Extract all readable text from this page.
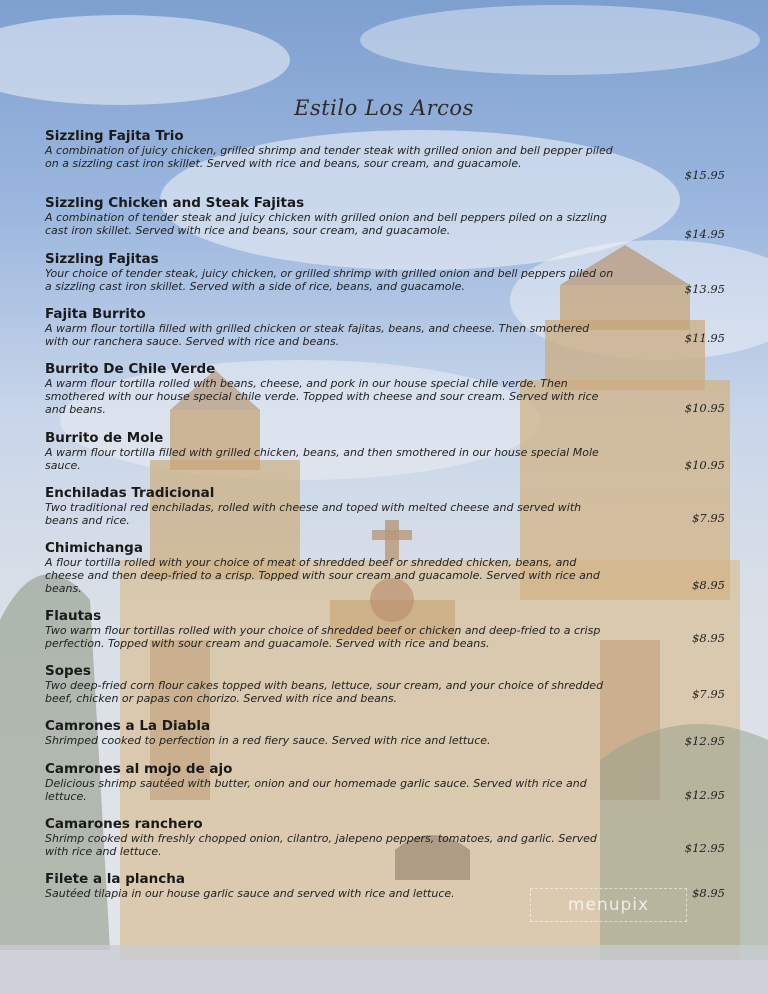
Estilo Los Arcos
Sizzling Fajita Trio
A combination of juicy chicken, grilled shrimp and tender steak with grilled onion and bell pepper piled on a sizzling cast iron skillet. Served with rice and beans, sour cream, and guacamole.
$15.95
Sizzling Chicken and Steak Fajitas
A combination of tender steak and juicy chicken with grilled onion and bell peppers piled on a sizzling cast iron skillet. Served with rice and beans, sour cream, and guacamole.	$14.95
Sizzling Fajitas
Your choice of tender steak, juicy chicken, or grilled shrimp with grilled onion and bell peppers piled on a sizzling cast iron skillet. Served with a side of rice, beans, and guacamole.	$13.95
Fajita Burrito
A warm flour tortilla filled with grilled chicken or steak fajitas, beans, and cheese. Then smothered with our ranchera sauce. Served with rice and beans.	$11.95
Burrito De Chile Verde
A warm flour tortilla rolled with beans, cheese, and pork in our house special chile verde. Then smothered with our house special chile verde. Topped with cheese and sour cream. Served with rice and beans.	$10.95
Burrito de Mole
A warm flour tortilla filled with grilled chicken, beans, and then smothered in our house special Mole sauce.	$10.95
Enchiladas Tradicional
Two traditional red enchiladas, rolled with cheese and toped with melted cheese and served with beans and rice.	$7.95
Chimichanga
A flour tortilla rolled with your choice of meat of shredded beef or shredded chicken, beans, and cheese and then deep-fried to a crisp. Topped with sour cream and guacamole. Served with rice and beans.	$8.95
Flautas
Two warm flour tortillas rolled with your choice of shredded beef or chicken and deep-fried to a crisp perfection. Topped with sour cream and guacamole. Served with rice and beans.	$8.95
Sopes
Two deep-fried corn flour cakes topped with beans, lettuce, sour cream, and your choice of shredded beef, chicken or papas con chorizo. Served with rice and beans.	$7.95
Camrones a La Diabla
Shrimped cooked to perfection in a red fiery sauce. Served with rice and lettuce.	$12.95
Camrones al mojo de ajo
Delicious shrimp sautéed with butter, onion and our homemade garlic sauce. Served with rice and lettuce.	$12.95
Camarones ranchero
Shrimp cooked with freshly chopped onion, cilantro, jalepeno peppers, tomatoes, and garlic. Served with rice and lettuce.	$12.95
Filete a la plancha
Sautéed tilapia in our house garlic sauce and served with rice and lettuce.	$8.95
menupix
